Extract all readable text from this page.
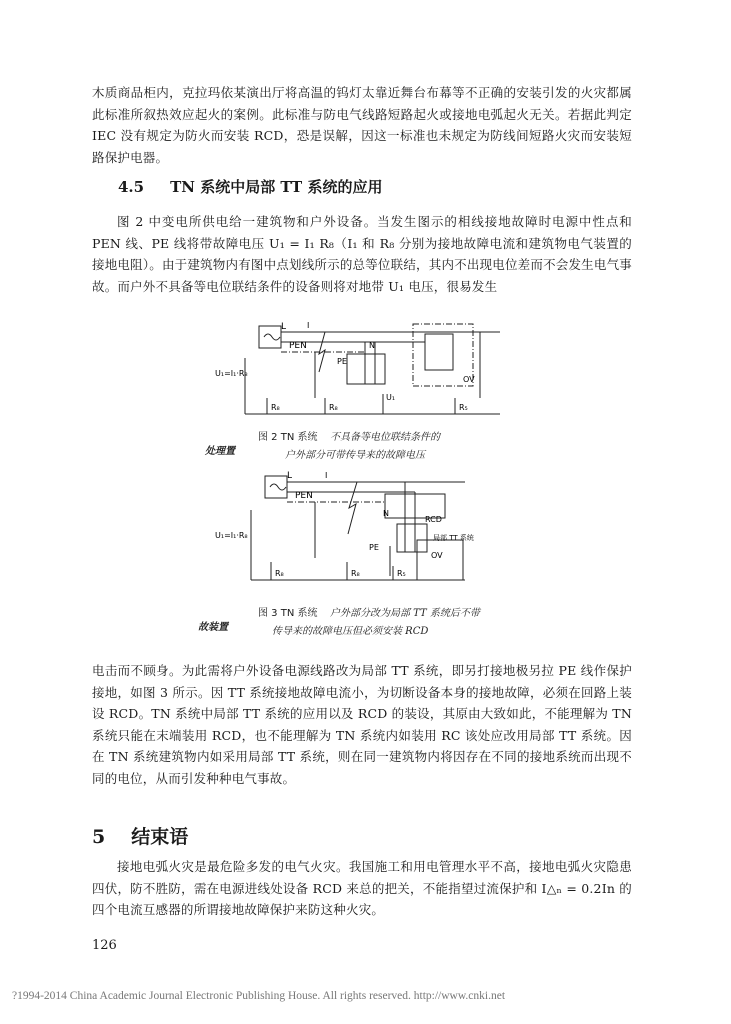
木质商品柜内，克拉玛依某演出厅将高温的钨灯太靠近舞台布幕等不正确的安装引发的火灾都属此标准所叙热效应起火的案例。此标准与防电气线路短路起火或接地电弧起火无关。若据此判定 IEC 没有规定为防火而安装 RCD，恐是误解，因这一标准也未规定为防线间短路火灾而安装短路保护电器。
4.5 TN 系统中局部 TT 系统的应用
图 2 中变电所供电给一建筑物和户外设备。当发生图示的相线接地故障时电源中性点和 PEN 线、PE 线将带故障电压 U₁ = I₁ R₈（I₁ 和 R₈ 分别为接地故障电流和建筑物电气装置的接地电阻）。由于建筑物内有图中点划线所示的总等位联结，其内不出现电位差而不会发生电气事故。而户外不具备等电位联结条件的设备则将对地带 U₁ 电压，很易发生
L
PEN
PE
N
I
U₁=I₁·R₈
R₈	R₈
U₁
OV
R₅
图 2 TN 系统 不具备等电位联结条件的
户外部分可带传导来的故障电压
处理置
L
PEN
PE
N
I
U₁=I₁·R₈
RCD
局部 TT 系统
R₈	R₈
OV
R₅
图 3 TN 系统 户外部分改为局部 TT 系统后不带
传导来的故障电压但必须安装 RCD
故装置
电击而不顾身。为此需将户外设备电源线路改为局部 TT 系统，即另打接地极另拉 PE 线作保护接地，如图 3 所示。因 TT 系统接地故障电流小，为切断设备本身的接地故障，必须在回路上装设 RCD。TN 系统中局部 TT 系统的应用以及 RCD 的装设，其原由大致如此，不能理解为 TN 系统只能在末端装用 RCD，也不能理解为 TN 系统内如装用 RC 该处应改用局部 TT 系统。因在 TN 系统建筑物内如采用局部 TT 系统，则在同一建筑物内将因存在不同的接地系统而出现不同的电位，从而引发种种电气事故。
5 结束语
接地电弧火灾是最危险多发的电气火灾。我国施工和用电管理水平不高，接地电弧火灾隐患四伏，防不胜防，需在电源进线处设备 RCD 来总的把关，不能指望过流保护和 I△ₙ = 0.2In 的四个电流互感器的所谓接地故障保护来防这种火灾。
126
?1994-2014 China Academic Journal Electronic Publishing House. All rights reserved. http://www.cnki.net
